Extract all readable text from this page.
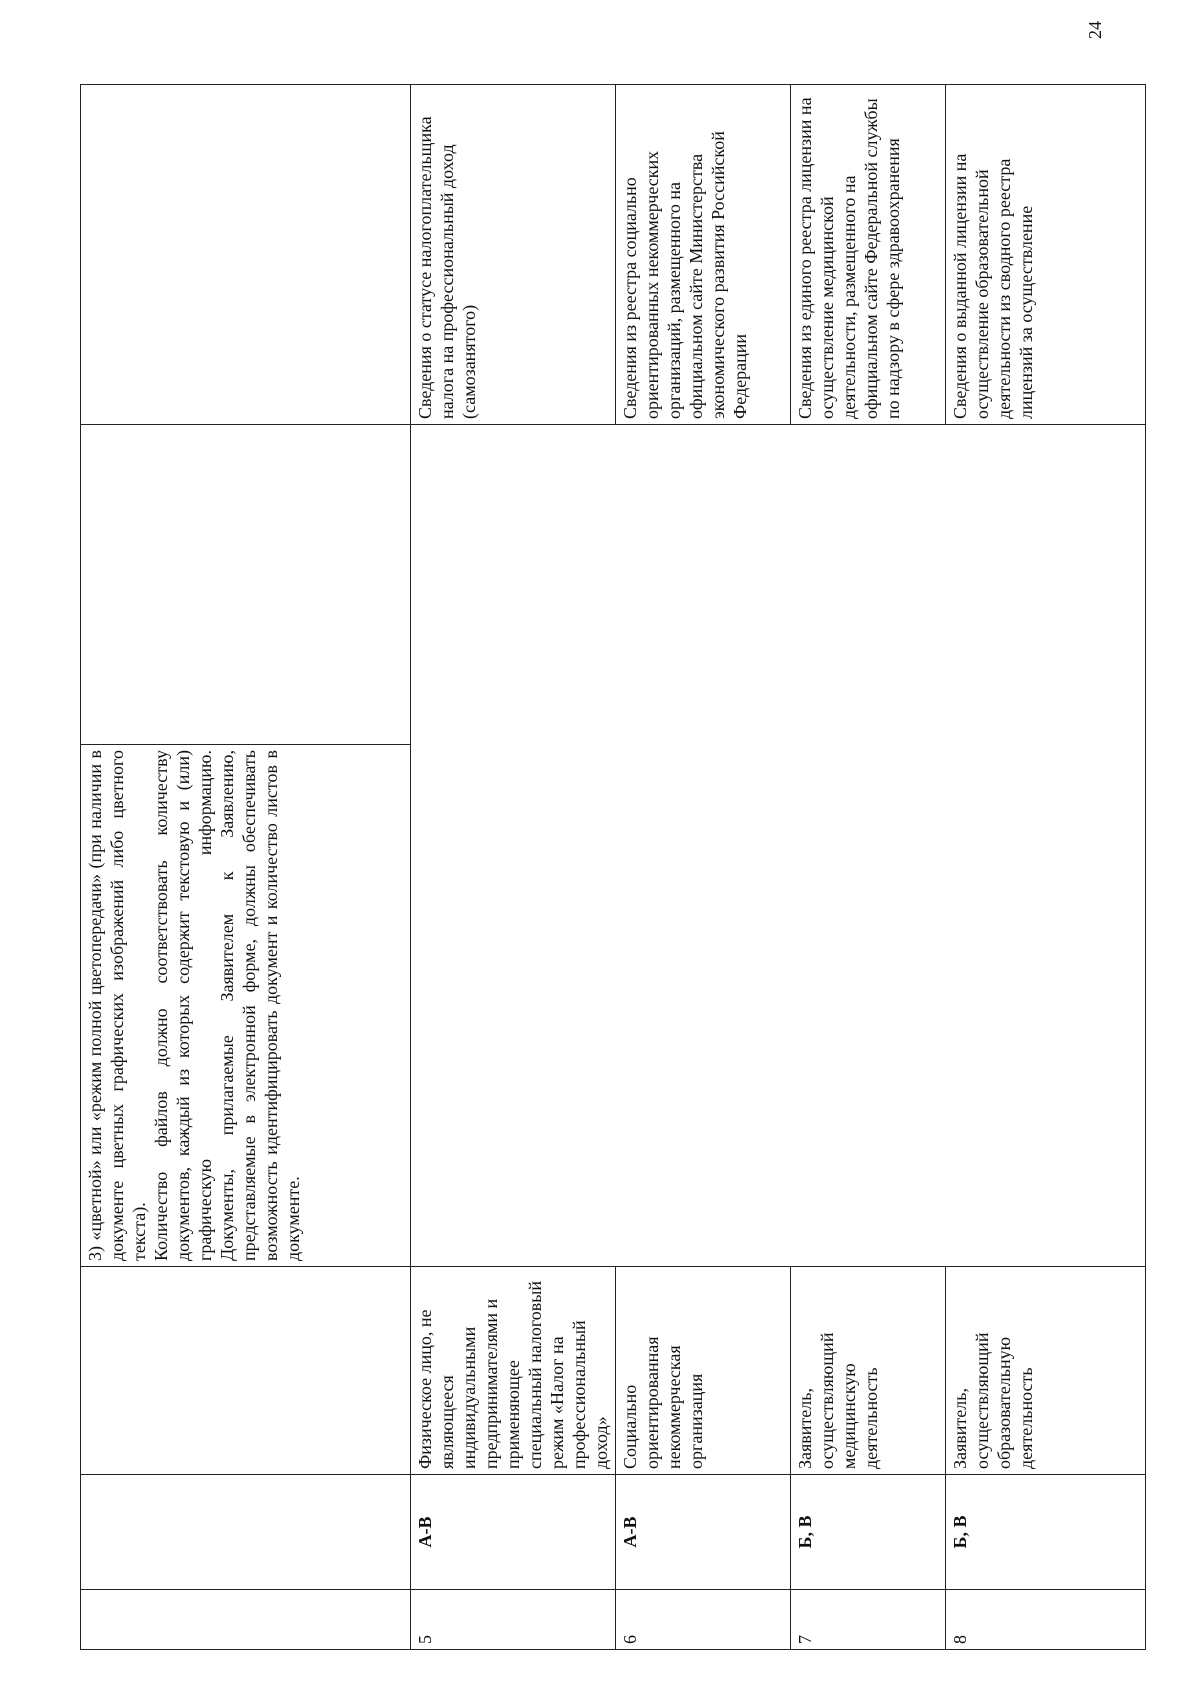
24

			3) «цветной» или «режим полной цветопередачи» (при наличии в документе цветных графических изображений либо цветного текста). Количество файлов должно соответствовать количеству документов, каждый из которых содержит текстовую и (или) графическую информацию. Документы, прилагаемые Заявителем к Заявлению, представляемые в электронной форме, должны обеспечивать возможность идентифицировать документ и количество листов в документе.		

5	А-В	Физическое лицо, не являющееся индивидуальными предпринимателями и применяющее специальный налоговый режим «Налог на профессиональный доход»			Сведения о статусе налогоплательщика налога на профессиональный доход (самозанятого)
6	А-В	Социально ориентированная некоммерческая организация			Сведения из реестра социально ориентированных некоммерческих организаций, размещенного на официальном сайте Министерства экономического развития Российской Федерации
7	Б, В	Заявитель, осуществляющий медицинскую деятельность			Сведения из единого реестра лицензии на осуществление медицинской деятельности, размещенного на официальном сайте Федеральной службы по надзору в сфере здравоохранения
8	Б, В	Заявитель, осуществляющий образовательную деятельность			Сведения о выданной лицензии на осуществление образовательной деятельности из сводного реестра лицензий за осуществление
